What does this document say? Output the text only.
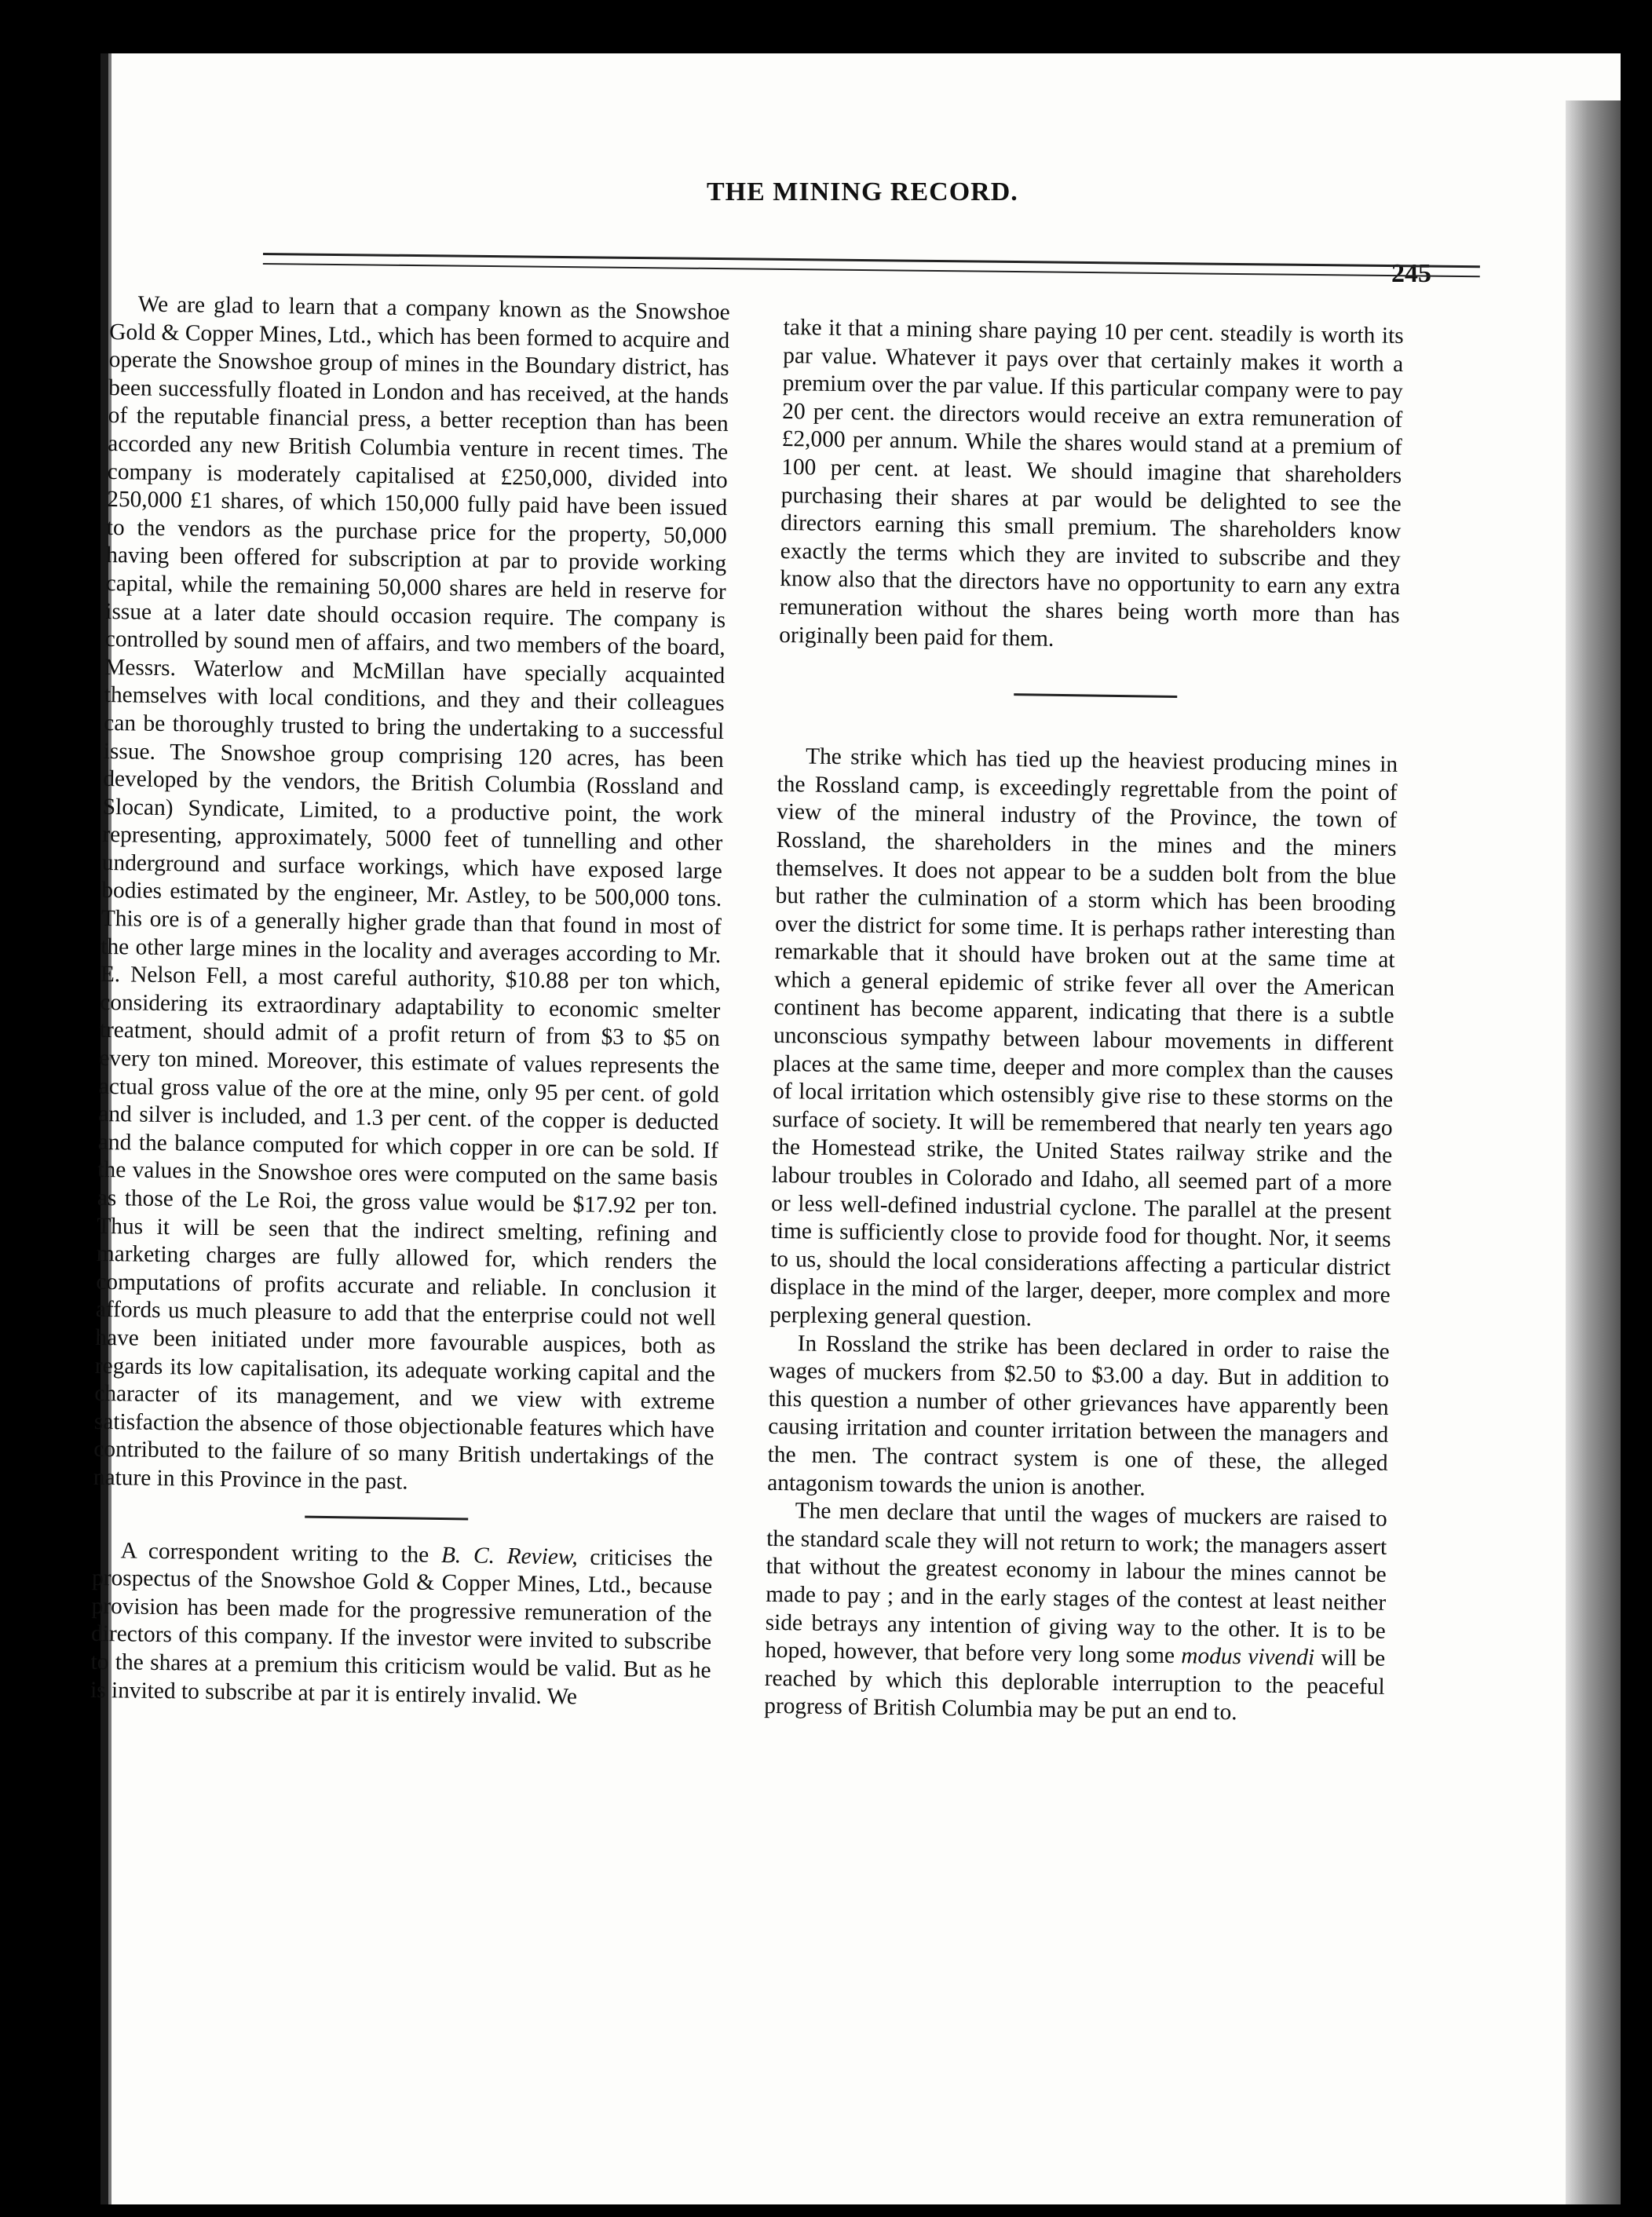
THE MINING RECORD.
245

We are glad to learn that a company known as the Snowshoe Gold & Copper Mines, Ltd., which has been formed to acquire and operate the Snowshoe group of mines in the Boundary district, has been successfully floated in London and has received, at the hands of the reputable financial press, a better reception than has been accorded any new British Columbia venture in recent times. The company is moderately capitalised at £250,000, divided into 250,000 £1 shares, of which 150,000 fully paid have been issued to the vendors as the purchase price for the property, 50,000 having been offered for subscription at par to provide working capital, while the remaining 50,000 shares are held in reserve for issue at a later date should occasion require. The company is controlled by sound men of affairs, and two members of the board, Messrs. Waterlow and McMillan have specially acquainted themselves with local conditions, and they and their colleagues can be thoroughly trusted to bring the undertaking to a successful issue. The Snowshoe group comprising 120 acres, has been developed by the vendors, the British Columbia (Rossland and Slocan) Syndicate, Limited, to a productive point, the work representing, approximately, 5000 feet of tunnelling and other underground and surface workings, which have exposed large bodies estimated by the engineer, Mr. Astley, to be 500,000 tons. This ore is of a generally higher grade than that found in most of the other large mines in the locality and averages according to Mr. E. Nelson Fell, a most careful authority, $10.88 per ton which, considering its extraordinary adaptability to economic smelter treatment, should admit of a profit return of from $3 to $5 on every ton mined. Moreover, this estimate of values represents the actual gross value of the ore at the mine, only 95 per cent. of gold and silver is included, and 1.3 per cent. of the copper is deducted and the balance computed for which copper in ore can be sold. If the values in the Snowshoe ores were computed on the same basis as those of the Le Roi, the gross value would be $17.92 per ton. Thus it will be seen that the indirect smelting, refining and marketing charges are fully allowed for, which renders the computations of profits accurate and reliable. In conclusion it affords us much pleasure to add that the enterprise could not well have been initiated under more favourable auspices, both as regards its low capitalisation, its adequate working capital and the character of its management, and we view with extreme satisfaction the absence of those objectionable features which have contributed to the failure of so many British undertakings of the nature in this Province in the past.

A correspondent writing to the B. C. Review, criticises the prospectus of the Snowshoe Gold & Copper Mines, Ltd., because provision has been made for the progressive remuneration of the directors of this company. If the investor were invited to subscribe to the shares at a premium this criticism would be valid. But as he is invited to subscribe at par it is entirely invalid. We

take it that a mining share paying 10 per cent. steadily is worth its par value. Whatever it pays over that certainly makes it worth a premium over the par value. If this particular company were to pay 20 per cent. the directors would receive an extra remuneration of £2,000 per annum. While the shares would stand at a premium of 100 per cent. at least. We should imagine that shareholders purchasing their shares at par would be delighted to see the directors earning this small premium. The shareholders know exactly the terms which they are invited to subscribe and they know also that the directors have no opportunity to earn any extra remuneration without the shares being worth more than has originally been paid for them.

The strike which has tied up the heaviest producing mines in the Rossland camp, is exceedingly regrettable from the point of view of the mineral industry of the Province, the town of Rossland, the shareholders in the mines and the miners themselves. It does not appear to be a sudden bolt from the blue but rather the culmination of a storm which has been brooding over the district for some time. It is perhaps rather interesting than remarkable that it should have broken out at the same time at which a general epidemic of strike fever all over the American continent has become apparent, indicating that there is a subtle unconscious sympathy between labour movements in different places at the same time, deeper and more complex than the causes of local irritation which ostensibly give rise to these storms on the surface of society. It will be remembered that nearly ten years ago the Homestead strike, the United States railway strike and the labour troubles in Colorado and Idaho, all seemed part of a more or less well-defined industrial cyclone. The parallel at the present time is sufficiently close to provide food for thought. Nor, it seems to us, should the local considerations affecting a particular district displace in the mind of the larger, deeper, more complex and more perplexing general question.

In Rossland the strike has been declared in order to raise the wages of muckers from $2.50 to $3.00 a day. But in addition to this question a number of other grievances have apparently been causing irritation and counter irritation between the managers and the men. The contract system is one of these, the alleged antagonism towards the union is another.

The men declare that until the wages of muckers are raised to the standard scale they will not return to work; the managers assert that without the greatest economy in labour the mines cannot be made to pay ; and in the early stages of the contest at least neither side betrays any intention of giving way to the other. It is to be hoped, however, that before very long some modus vivendi will be reached by which this deplorable interruption to the peaceful progress of British Columbia may be put an end to.
